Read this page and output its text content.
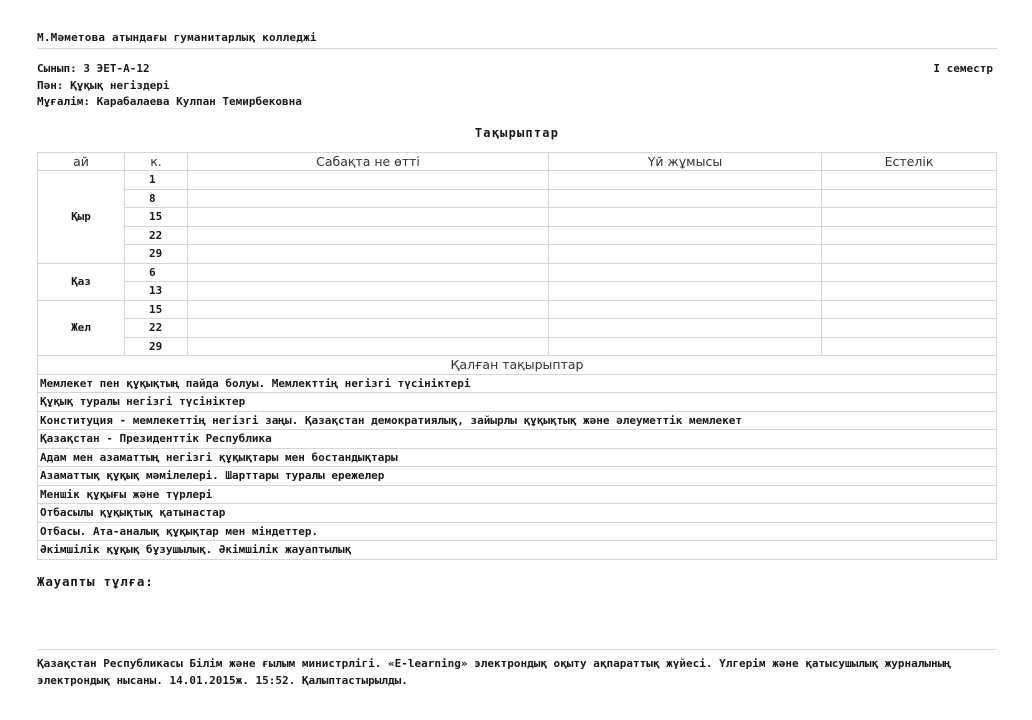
М.Мәметова атындағы гуманитарлық колледжі
Сынып: 3 ЭЕТ-А-12
Пән: Құқық негіздері
Мұғалім: Карабалаева Кулпан Темирбековна
I семестр
Тақырыптар
ай	к.	Сабақта не өтті	Үй жұмысы	Естелік
Қыр	1			
	8			
	15			
	22			
	29			
Қаз	6			
	13			
Жел	15			
	22			
	29			
Қалған тақырыптар				
Мемлекет пен құқықтың пайда болуы. Мемлекттің негізгі түсініктері				
Құқық туралы негізгі түсініктер				
Конституция - мемлекеттің негізгі заңы. Қазақстан демократиялық, зайырлы құқықтық және әлеуметтік мемлекет				
Қазақстан - Президенттік Республика				
Адам мен азаматтың негізгі құқықтары мен бостандықтары				
Азаматтық құқық мәмілелері. Шарттары туралы ережелер				
Меншік құқығы және түрлері				
Отбасылы құқықтық қатынастар				
Отбасы. Ата-аналық құқықтар мен міндеттер.				
Әкімшілік құқық бұзушылық. Әкімшілік жауаптылық				
Жауапты тұлға:
Қазақстан Республикасы Білім және ғылым министрлігі. «E-learning» электрондық оқыту ақпараттық жүйесі. Үлгерім және қатысушылық журналының электрондық нысаны. 14.01.2015ж. 15:52. Қалыптастырылды.
